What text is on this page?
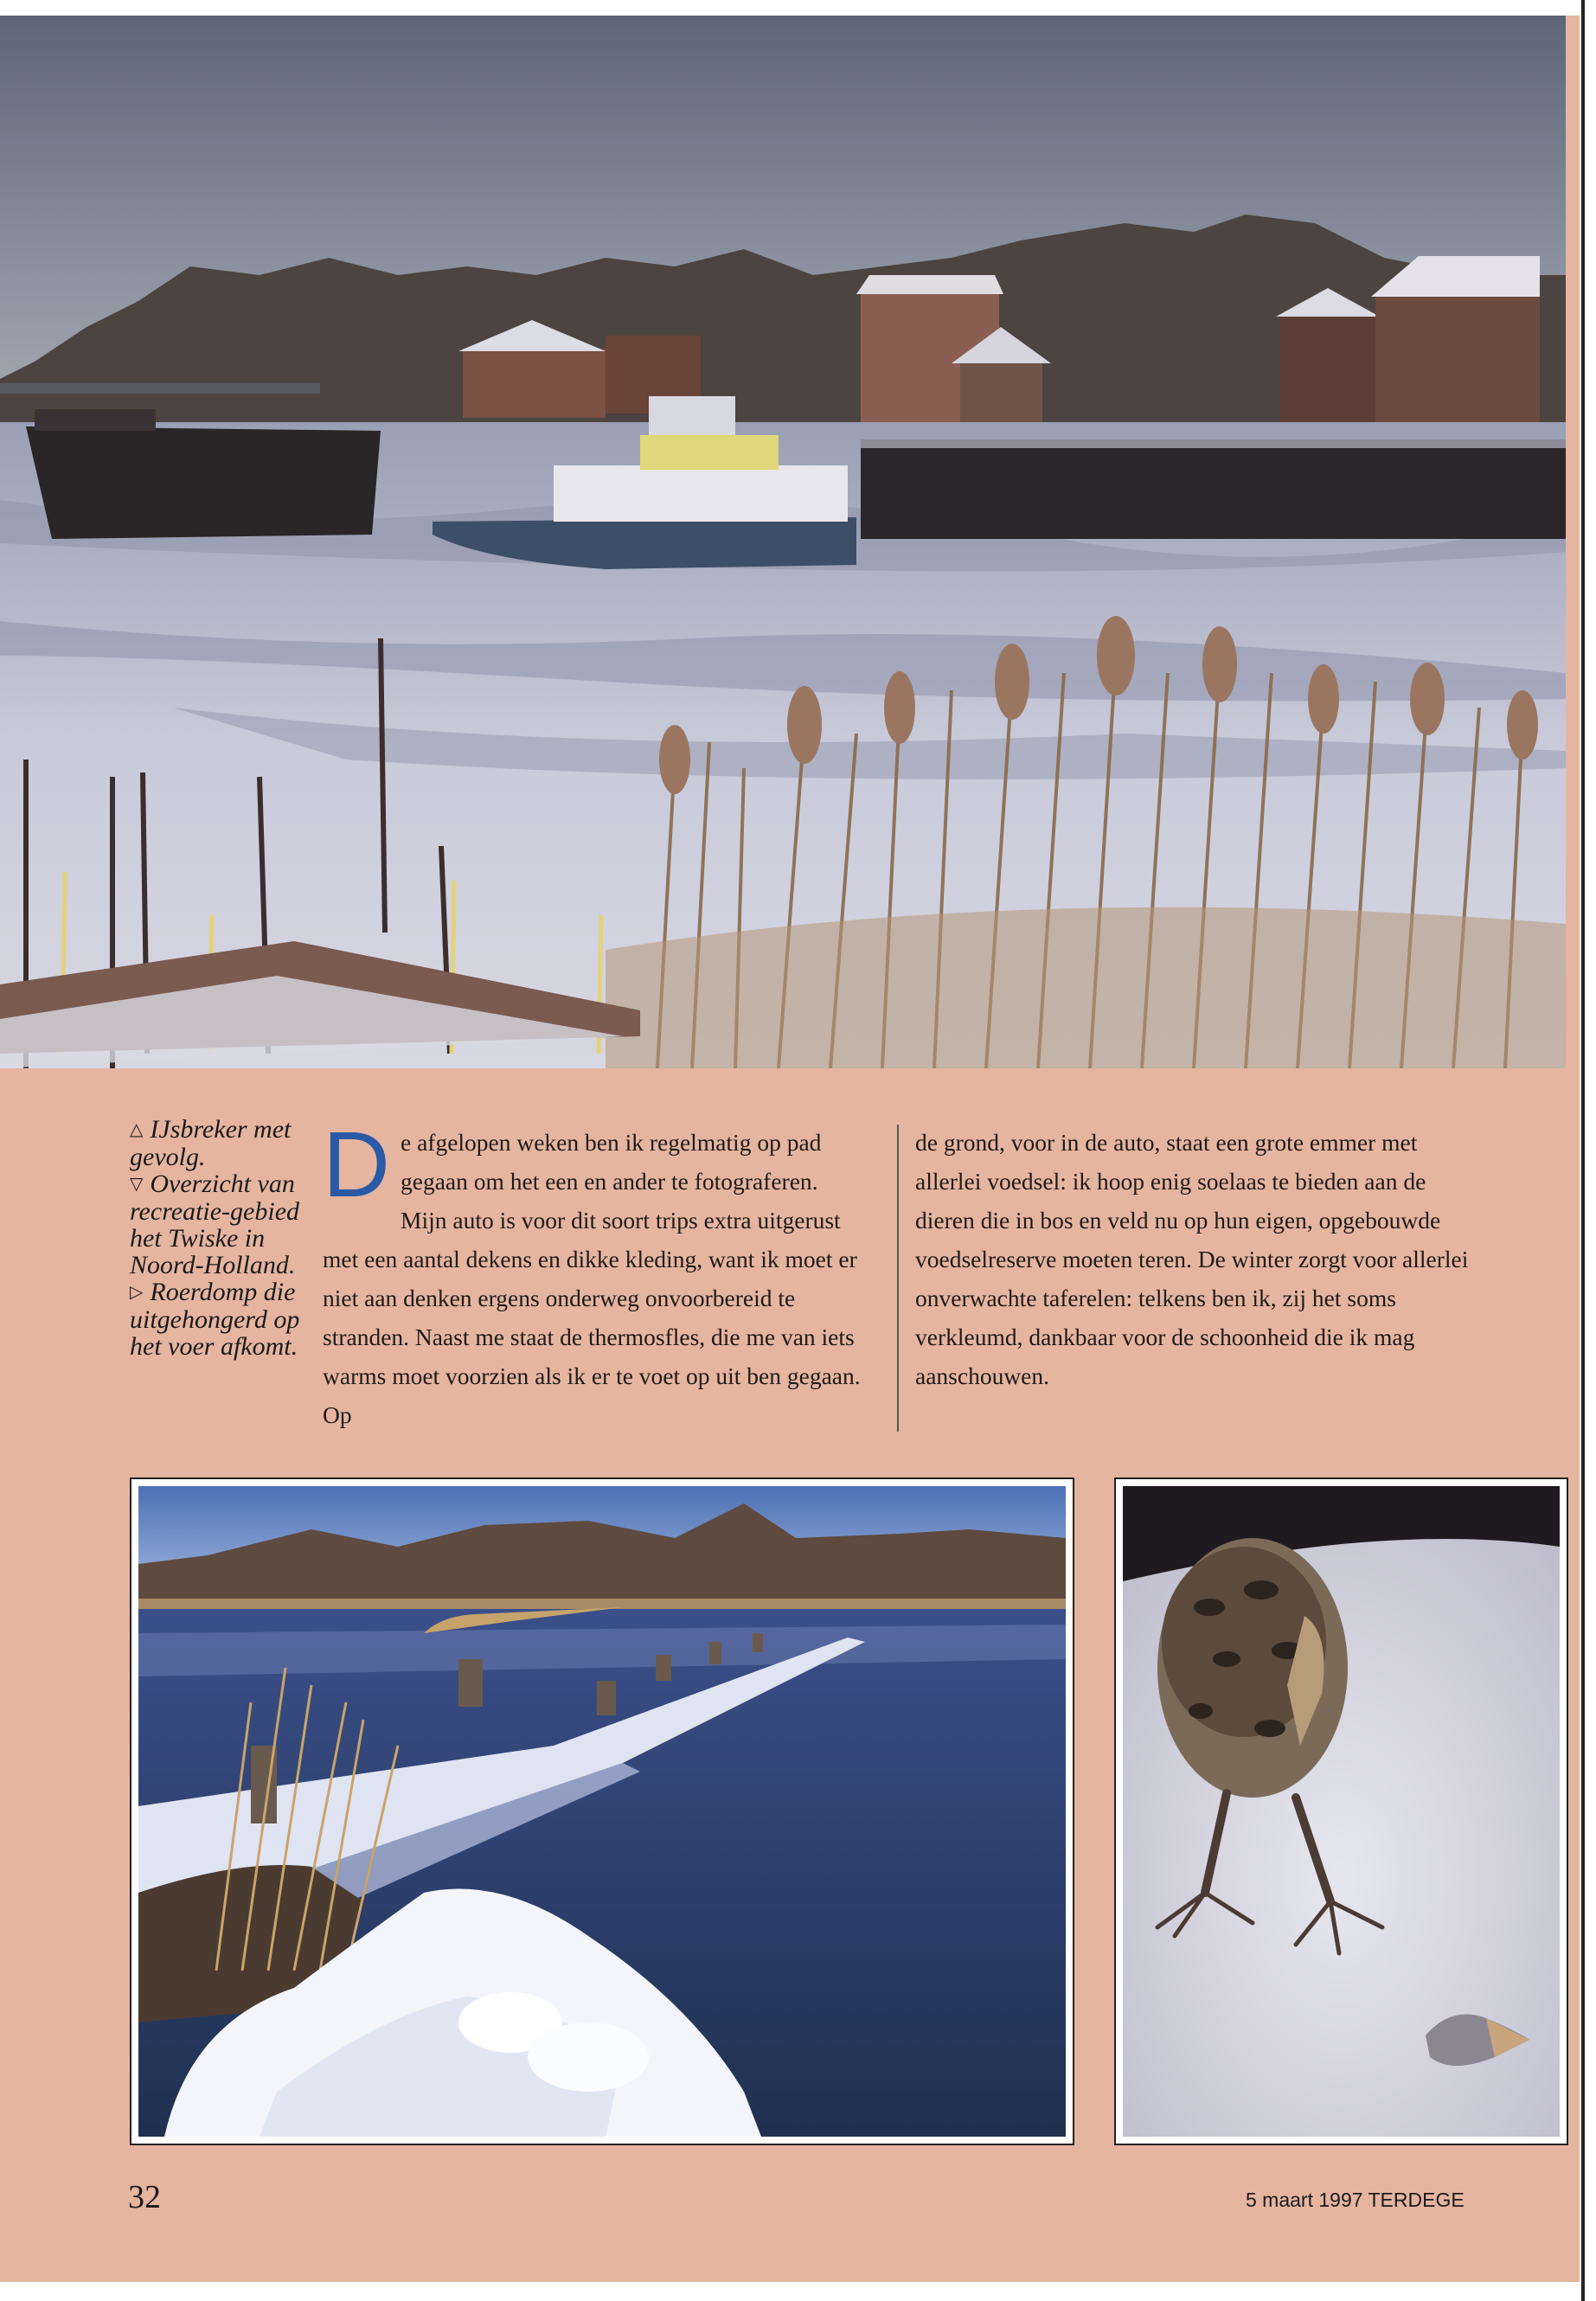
△ IJsbreker met gevolg.

▽ Overzicht van recreatie-gebied het Twiske in Noord-Holland.

▷ Roerdomp die uitgehongerd op het voer afkomt.

D e afgelopen weken ben ik regelmatig op pad gegaan om het een en ander te fotograferen. Mijn auto is voor dit soort trips extra uitgerust met een aantal dekens en dikke kleding, want ik moet er niet aan denken ergens onderweg onvoorbereid te stranden. Naast me staat de thermosfles, die me van iets warms moet voorzien als ik er te voet op uit ben gegaan. Op

de grond, voor in de auto, staat een grote emmer met allerlei voedsel: ik hoop enig soelaas te bieden aan de dieren die in bos en veld nu op hun eigen, opgebouwde voedselreserve moeten teren. De winter zorgt voor allerlei onverwachte taferelen: telkens ben ik, zij het soms verkleumd, dankbaar voor de schoonheid die ik mag aanschouwen.

32	5 maart 1997 TERDEGE
